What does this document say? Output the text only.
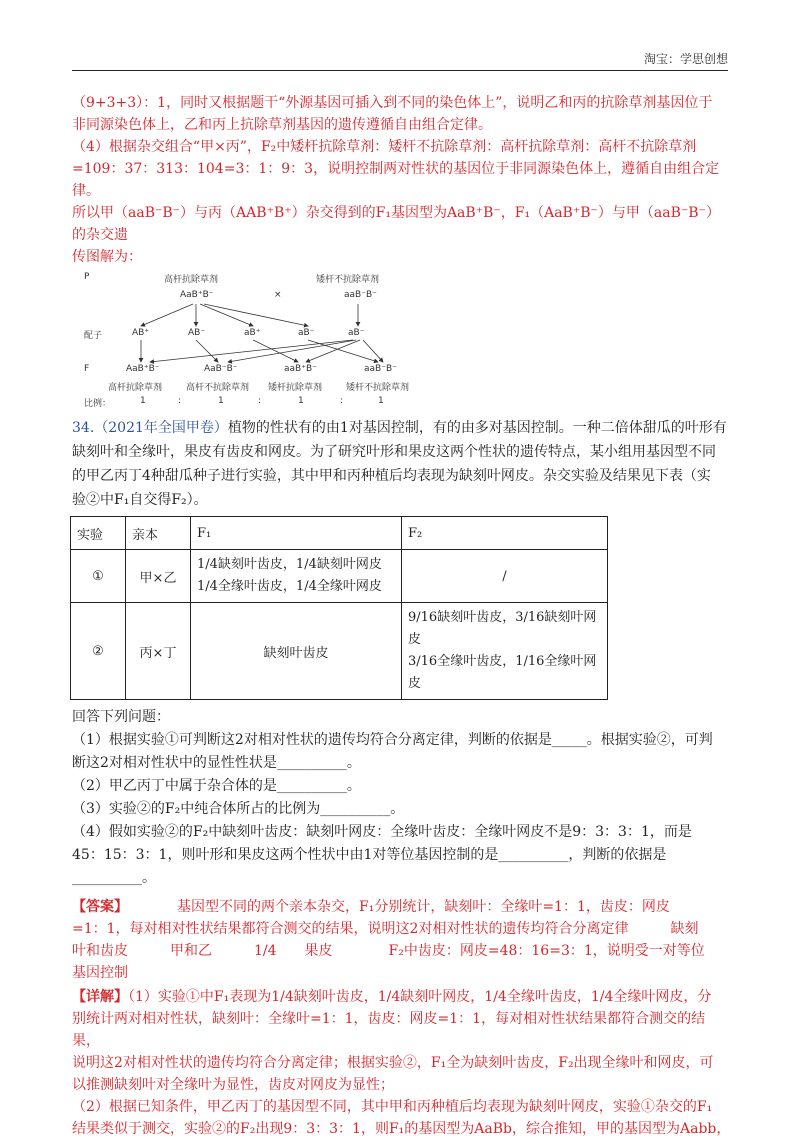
淘宝：学思创想

（9+3+3）：1，同时又根据题干“外源基因可插入到不同的染色体上”，说明乙和丙的抗除草剂基因位于

非同源染色体上，乙和丙上抗除草剂基因的遗传遵循自由组合定律。

（4）根据杂交组合“甲×丙”，F₂中矮杆抗除草剂：矮杆不抗除草剂：高杆抗除草剂：高杆不抗除草剂

=109：37：313：104=3：1：9：3，说明控制两对性状的基因位于非同源染色体上，遵循自由组合定律。

所以甲（aaB⁻B⁻）与丙（AAB⁺B⁺）杂交得到的F₁基因型为AaB⁺B⁻，F₁（AaB⁺B⁻）与甲（aaB⁻B⁻）的杂交遗

传图解为：

P	高杆抗除草剂
AaB⁺B⁻	×
矮杆不抗除草剂
aaB⁻B⁻
配子	AB⁺	AB⁻	aB⁺	aB⁻	aB⁻
F	AaB⁺B⁻	AaB⁻B⁻	aaB⁺B⁻	aaB⁻B⁻
高杆抗除草剂	高杆不抗除草剂 矮杆抗除草剂	矮杆不抗除草剂
比例：	1	:	1	:	1	:	1

34.（2021年全国甲卷）植物的性状有的由1对基因控制，有的由多对基因控制。一种二倍体甜瓜的叶形有

缺刻叶和全缘叶，果皮有齿皮和网皮。为了研究叶形和果皮这两个性状的遗传特点，某小组用基因型不同

的甲乙丙丁4种甜瓜种子进行实验，其中甲和丙种植后均表现为缺刻叶网皮。杂交实验及结果见下表（实

验②中F₁自交得F₂）。

实验	亲本	F₁	F₂
①	甲×乙	1/4缺刻叶齿皮，1/4缺刻叶网皮
1/4全缘叶齿皮，1/4全缘叶网皮	/
②	丙×丁	缺刻叶齿皮	9/16缺刻叶齿皮，3/16缺刻叶网皮
3/16全缘叶齿皮，1/16全缘叶网皮

回答下列问题：

（1）根据实验①可判断这2对相对性状的遗传均符合分离定律，判断的依据是_____。根据实验②，可判

断这2对相对性状中的显性性状是__________。

（2）甲乙丙丁中属于杂合体的是__________。

（3）实验②的F₂中纯合体所占的比例为__________。

（4）假如实验②的F₂中缺刻叶齿皮：缺刻叶网皮：全缘叶齿皮：全缘叶网皮不是9：3：3：1，而是

45：15：3：1，则叶形和果皮这两个性状中由1对等位基因控制的是__________，判断的依据是

__________。

【答案】　　　　	基因型不同的两个亲本杂交，F₁分别统计，缺刻叶：全缘叶=1：1，齿皮：网皮

=1：1，每对相对性状结果都符合测交的结果，说明这2对相对性状的遗传均符合分离定律　　　缺刻

叶和齿皮　　　甲和乙　　　1/4　　果皮　　　　F₂中齿皮：网皮=48：16=3：1，说明受一对等位

基因控制

【详解】（1）实验①中F₁表现为1/4缺刻叶齿皮，1/4缺刻叶网皮，1/4全缘叶齿皮，1/4全缘叶网皮，分

别统计两对相对性状，缺刻叶：全缘叶=1：1，齿皮：网皮=1：1，每对相对性状结果都符合测交的结果，

说明这2对相对性状的遗传均符合分离定律；根据实验②，F₁全为缺刻叶齿皮，F₂出现全缘叶和网皮，可

以推测缺刻叶对全缘叶为显性，齿皮对网皮为显性；

（2）根据已知条件，甲乙丙丁的基因型不同，其中甲和丙种植后均表现为缺刻叶网皮，实验①杂交的F₁

结果类似于测交，实验②的F₂出现9：3：3：1，则F₁的基因型为AaBb，综合推知，甲的基因型为Aabb，
